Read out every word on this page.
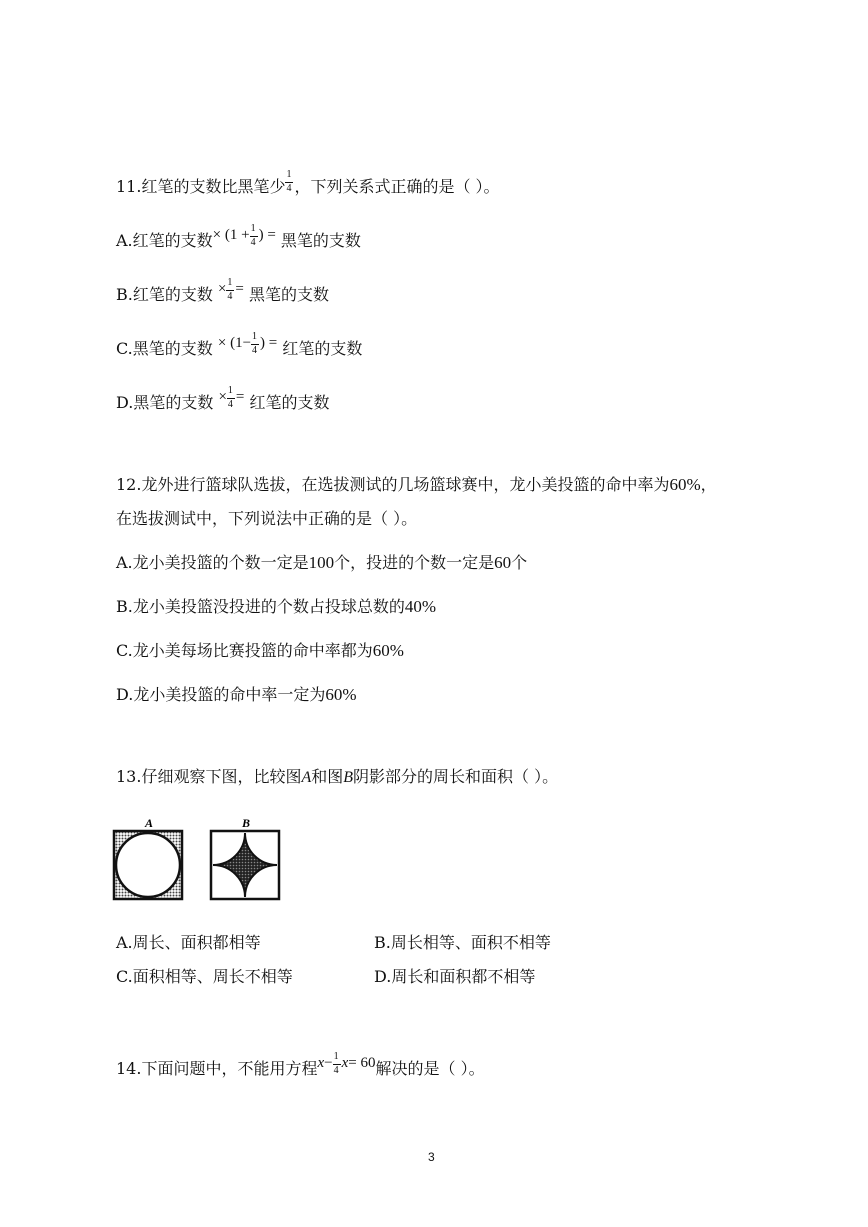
11.红笔的支数比黑笔少 $\frac{1}{4}$ ，下列关系式正确的是（ ）。
A.红笔的支数× ($1 + \frac{1}{4}$ ) = 黑笔的支数
B.红笔的支数 × $\frac{1}{4}$ = 黑笔的支数
C.黑笔的支数 × ($1- \frac{1}{4}$ ) = 红笔的支数
D.黑笔的支数 × $\frac{1}{4}$ = 红笔的支数
12.龙外进行篮球队选拔，在选拔测试的几场篮球赛中，龙小美投篮的命中率为60%，
在选拔测试中，下列说法中正确的是（ ）。
A.龙小美投篮的个数一定是100个，投进的个数一定是60个
B.龙小美投篮没投进的个数占投球总数的40%
C.龙小美每场比赛投篮的命中率都为60%
D.龙小美投篮的命中率一定为60%
13.仔细观察下图，比较图A和图B阴影部分的周长和面积（ ）。
A	B
A.周长、面积都相等	B.周长相等、面积不相等
C.面积相等、周长不相等	D.周长和面积都不相等
14.下面问题中，不能用方程$x- \frac{1}{4} x= 60$解决的是（ ）。
3
